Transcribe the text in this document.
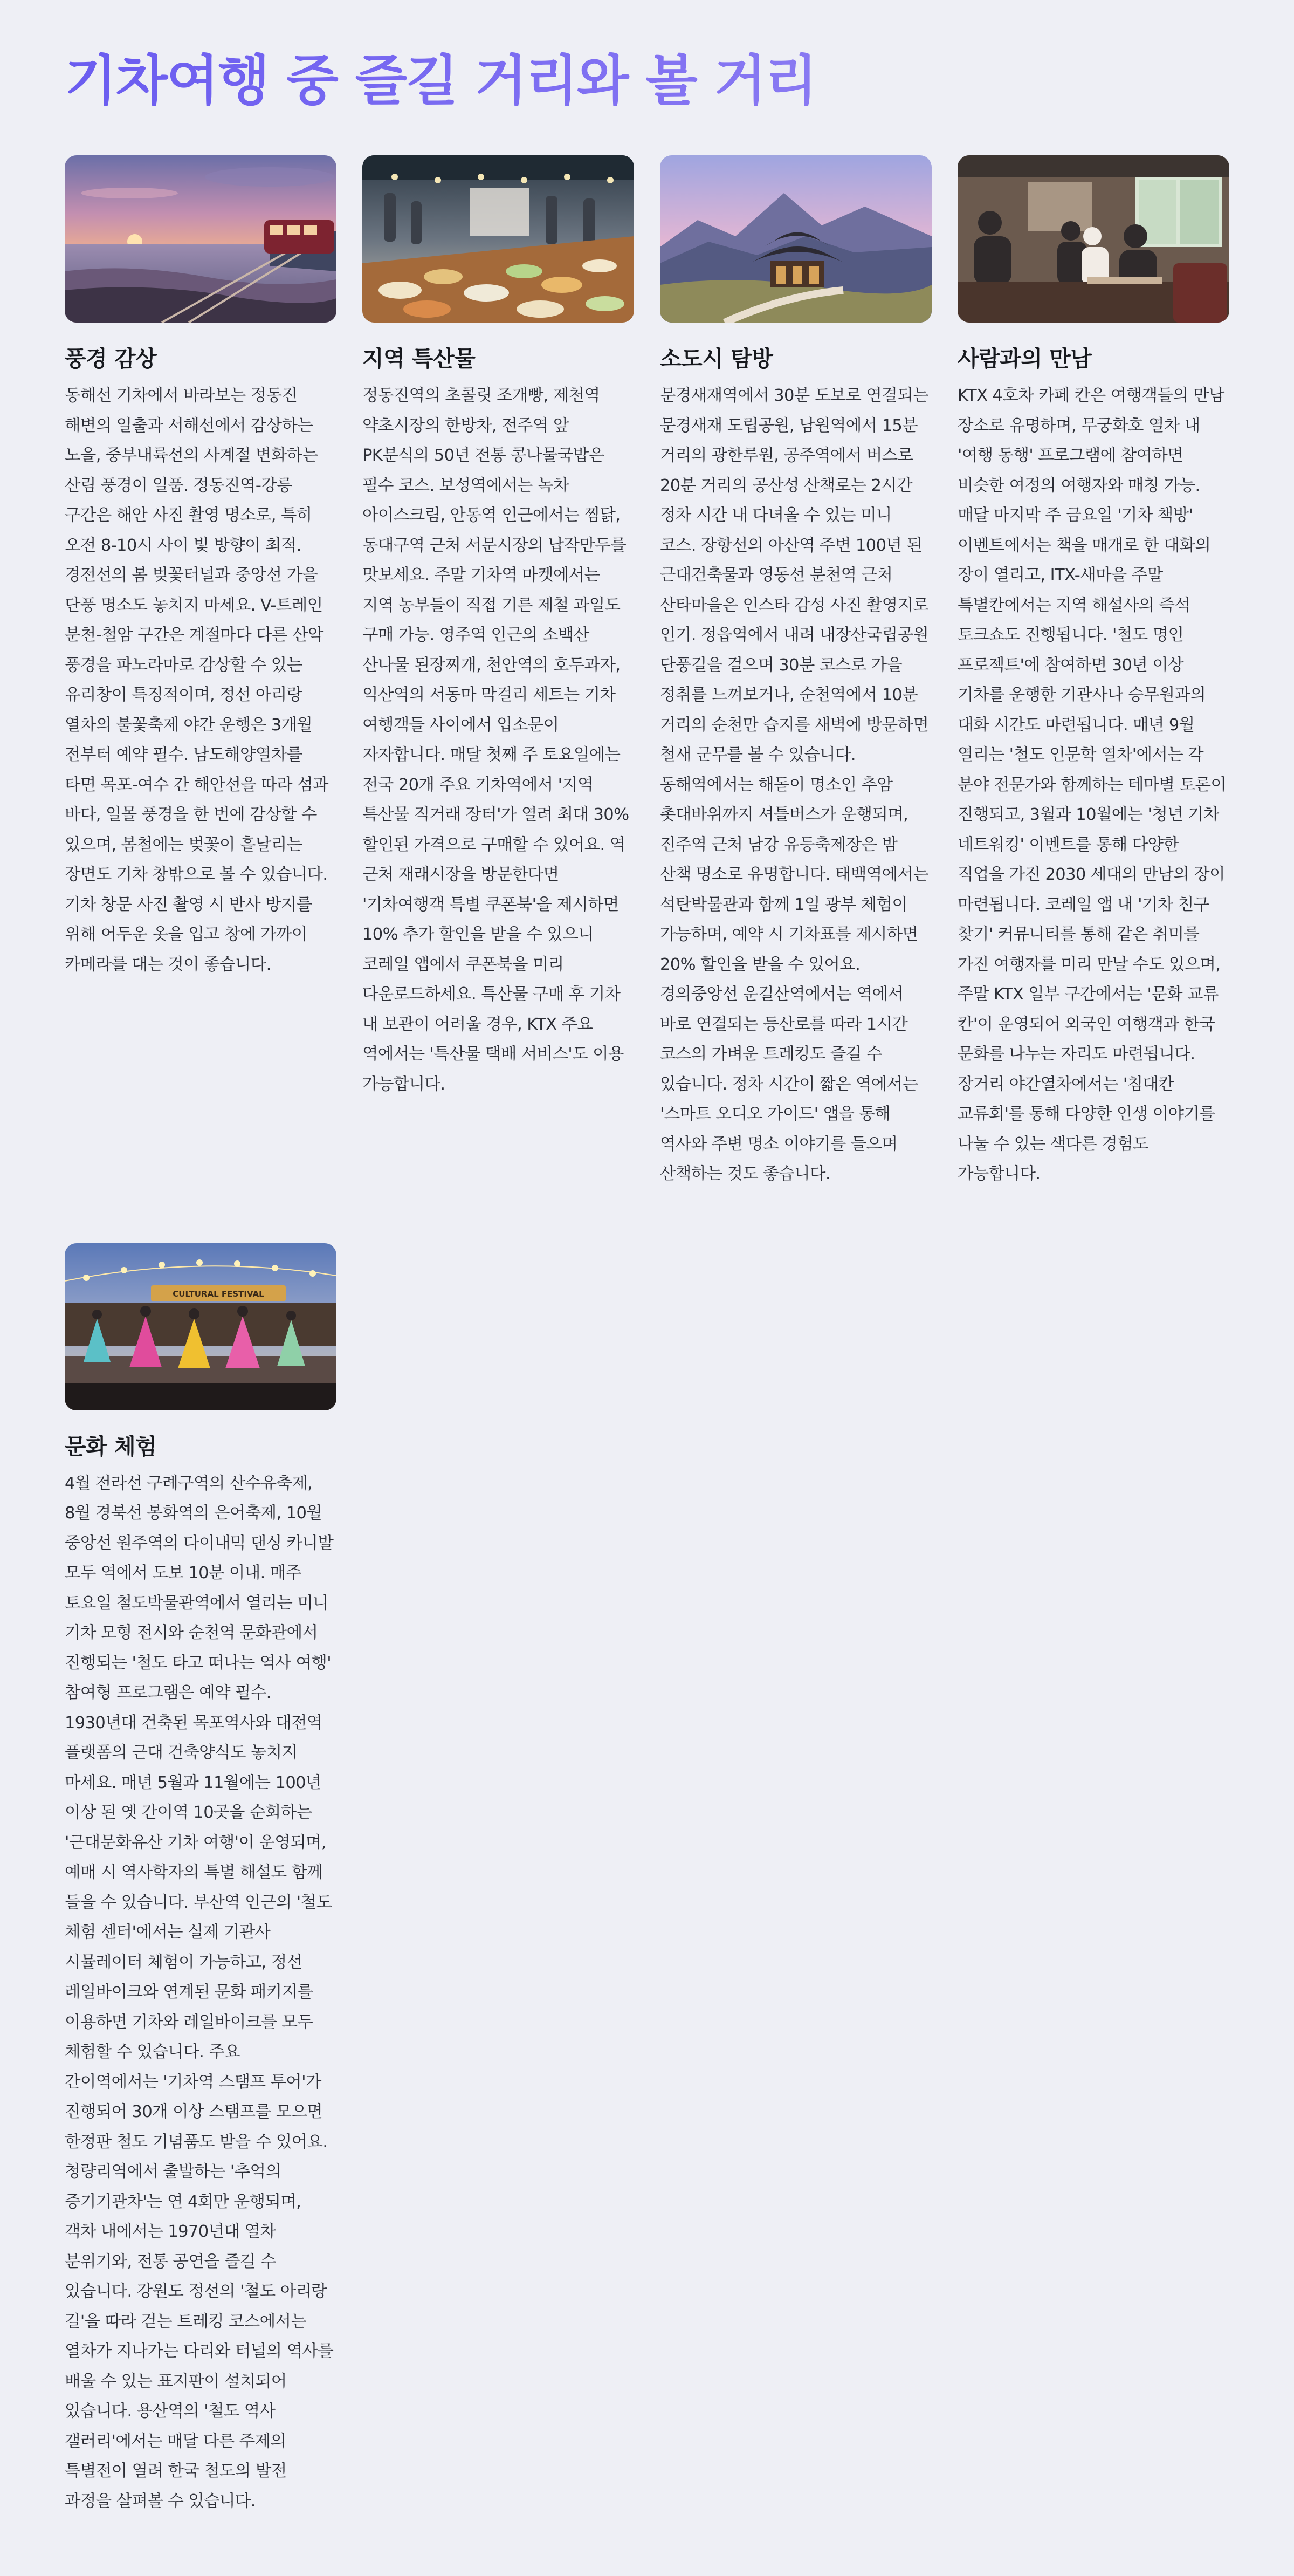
기차여행 중 즐길 거리와 볼 거리
풍경 감상

동해선 기차에서 바라보는 정동진 해변의 일출과 서해선에서 감상하는 노을, 중부내륙선의 사계절 변화하는 산림 풍경이 일품. 정동진역-강릉 구간은 해안 사진 촬영 명소로, 특히 오전 8-10시 사이 빛 방향이 최적. 경전선의 봄 벚꽃터널과 중앙선 가을 단풍 명소도 놓치지 마세요. V-트레인 분천-철암 구간은 계절마다 다른 산악 풍경을 파노라마로 감상할 수 있는 유리창이 특징적이며, 정선 아리랑 열차의 불꽃축제 야간 운행은 3개월 전부터 예약 필수. 남도해양열차를 타면 목포-여수 간 해안선을 따라 섬과 바다, 일몰 풍경을 한 번에 감상할 수 있으며, 봄철에는 벚꽃이 흩날리는 장면도 기차 창밖으로 볼 수 있습니다. 기차 창문 사진 촬영 시 반사 방지를 위해 어두운 옷을 입고 창에 가까이 카메라를 대는 것이 좋습니다.

지역 특산물

정동진역의 초콜릿 조개빵, 제천역 약초시장의 한방차, 전주역 앞 PK분식의 50년 전통 콩나물국밥은 필수 코스. 보성역에서는 녹차 아이스크림, 안동역 인근에서는 찜닭, 동대구역 근처 서문시장의 납작만두를 맛보세요. 주말 기차역 마켓에서는 지역 농부들이 직접 기른 제철 과일도 구매 가능. 영주역 인근의 소백산 산나물 된장찌개, 천안역의 호두과자, 익산역의 서동마 막걸리 세트는 기차 여행객들 사이에서 입소문이 자자합니다. 매달 첫째 주 토요일에는 전국 20개 주요 기차역에서 '지역 특산물 직거래 장터'가 열려 최대 30% 할인된 가격으로 구매할 수 있어요. 역 근처 재래시장을 방문한다면 '기차여행객 특별 쿠폰북'을 제시하면 10% 추가 할인을 받을 수 있으니 코레일 앱에서 쿠폰북을 미리 다운로드하세요. 특산물 구매 후 기차 내 보관이 어려울 경우, KTX 주요 역에서는 '특산물 택배 서비스'도 이용 가능합니다.

소도시 탐방

문경새재역에서 30분 도보로 연결되는 문경새재 도립공원, 남원역에서 15분 거리의 광한루원, 공주역에서 버스로 20분 거리의 공산성 산책로는 2시간 정차 시간 내 다녀올 수 있는 미니 코스. 장항선의 아산역 주변 100년 된 근대건축물과 영동선 분천역 근처 산타마을은 인스타 감성 사진 촬영지로 인기. 정읍역에서 내려 내장산국립공원 단풍길을 걸으며 30분 코스로 가을 정취를 느껴보거나, 순천역에서 10분 거리의 순천만 습지를 새벽에 방문하면 철새 군무를 볼 수 있습니다. 동해역에서는 해돋이 명소인 추암 촛대바위까지 셔틀버스가 운행되며, 진주역 근처 남강 유등축제장은 밤 산책 명소로 유명합니다. 태백역에서는 석탄박물관과 함께 1일 광부 체험이 가능하며, 예약 시 기차표를 제시하면 20% 할인을 받을 수 있어요. 경의중앙선 운길산역에서는 역에서 바로 연결되는 등산로를 따라 1시간 코스의 가벼운 트레킹도 즐길 수 있습니다. 정차 시간이 짧은 역에서는 '스마트 오디오 가이드' 앱을 통해 역사와 주변 명소 이야기를 들으며 산책하는 것도 좋습니다.

사람과의 만남

KTX 4호차 카페 칸은 여행객들의 만남 장소로 유명하며, 무궁화호 열차 내 '여행 동행' 프로그램에 참여하면 비슷한 여정의 여행자와 매칭 가능. 매달 마지막 주 금요일 '기차 책방' 이벤트에서는 책을 매개로 한 대화의 장이 열리고, ITX-새마을 주말 특별칸에서는 지역 해설사의 즉석 토크쇼도 진행됩니다. '철도 명인 프로젝트'에 참여하면 30년 이상 기차를 운행한 기관사나 승무원과의 대화 시간도 마련됩니다. 매년 9월 열리는 '철도 인문학 열차'에서는 각 분야 전문가와 함께하는 테마별 토론이 진행되고, 3월과 10월에는 '청년 기차 네트워킹' 이벤트를 통해 다양한 직업을 가진 2030 세대의 만남의 장이 마련됩니다. 코레일 앱 내 '기차 친구 찾기' 커뮤니티를 통해 같은 취미를 가진 여행자를 미리 만날 수도 있으며, 주말 KTX 일부 구간에서는 '문화 교류 칸'이 운영되어 외국인 여행객과 한국 문화를 나누는 자리도 마련됩니다. 장거리 야간열차에서는 '침대칸 교류회'를 통해 다양한 인생 이야기를 나눌 수 있는 색다른 경험도 가능합니다.

CULTURAL FESTIVAL
문화 체험

4월 전라선 구례구역의 산수유축제, 8월 경북선 봉화역의 은어축제, 10월 중앙선 원주역의 다이내믹 댄싱 카니발 모두 역에서 도보 10분 이내. 매주 토요일 철도박물관역에서 열리는 미니 기차 모형 전시와 순천역 문화관에서 진행되는 '철도 타고 떠나는 역사 여행' 참여형 프로그램은 예약 필수. 1930년대 건축된 목포역사와 대전역 플랫폼의 근대 건축양식도 놓치지 마세요. 매년 5월과 11월에는 100년 이상 된 옛 간이역 10곳을 순회하는 '근대문화유산 기차 여행'이 운영되며, 예매 시 역사학자의 특별 해설도 함께 들을 수 있습니다. 부산역 인근의 '철도 체험 센터'에서는 실제 기관사 시뮬레이터 체험이 가능하고, 정선 레일바이크와 연계된 문화 패키지를 이용하면 기차와 레일바이크를 모두 체험할 수 있습니다. 주요 간이역에서는 '기차역 스탬프 투어'가 진행되어 30개 이상 스탬프를 모으면 한정판 철도 기념품도 받을 수 있어요. 청량리역에서 출발하는 '추억의 증기기관차'는 연 4회만 운행되며, 객차 내에서는 1970년대 열차 분위기와, 전통 공연을 즐길 수 있습니다. 강원도 정선의 '철도 아리랑 길'을 따라 걷는 트레킹 코스에서는 열차가 지나가는 다리와 터널의 역사를 배울 수 있는 표지판이 설치되어 있습니다. 용산역의 '철도 역사 갤러리'에서는 매달 다른 주제의 특별전이 열려 한국 철도의 발전 과정을 살펴볼 수 있습니다.
